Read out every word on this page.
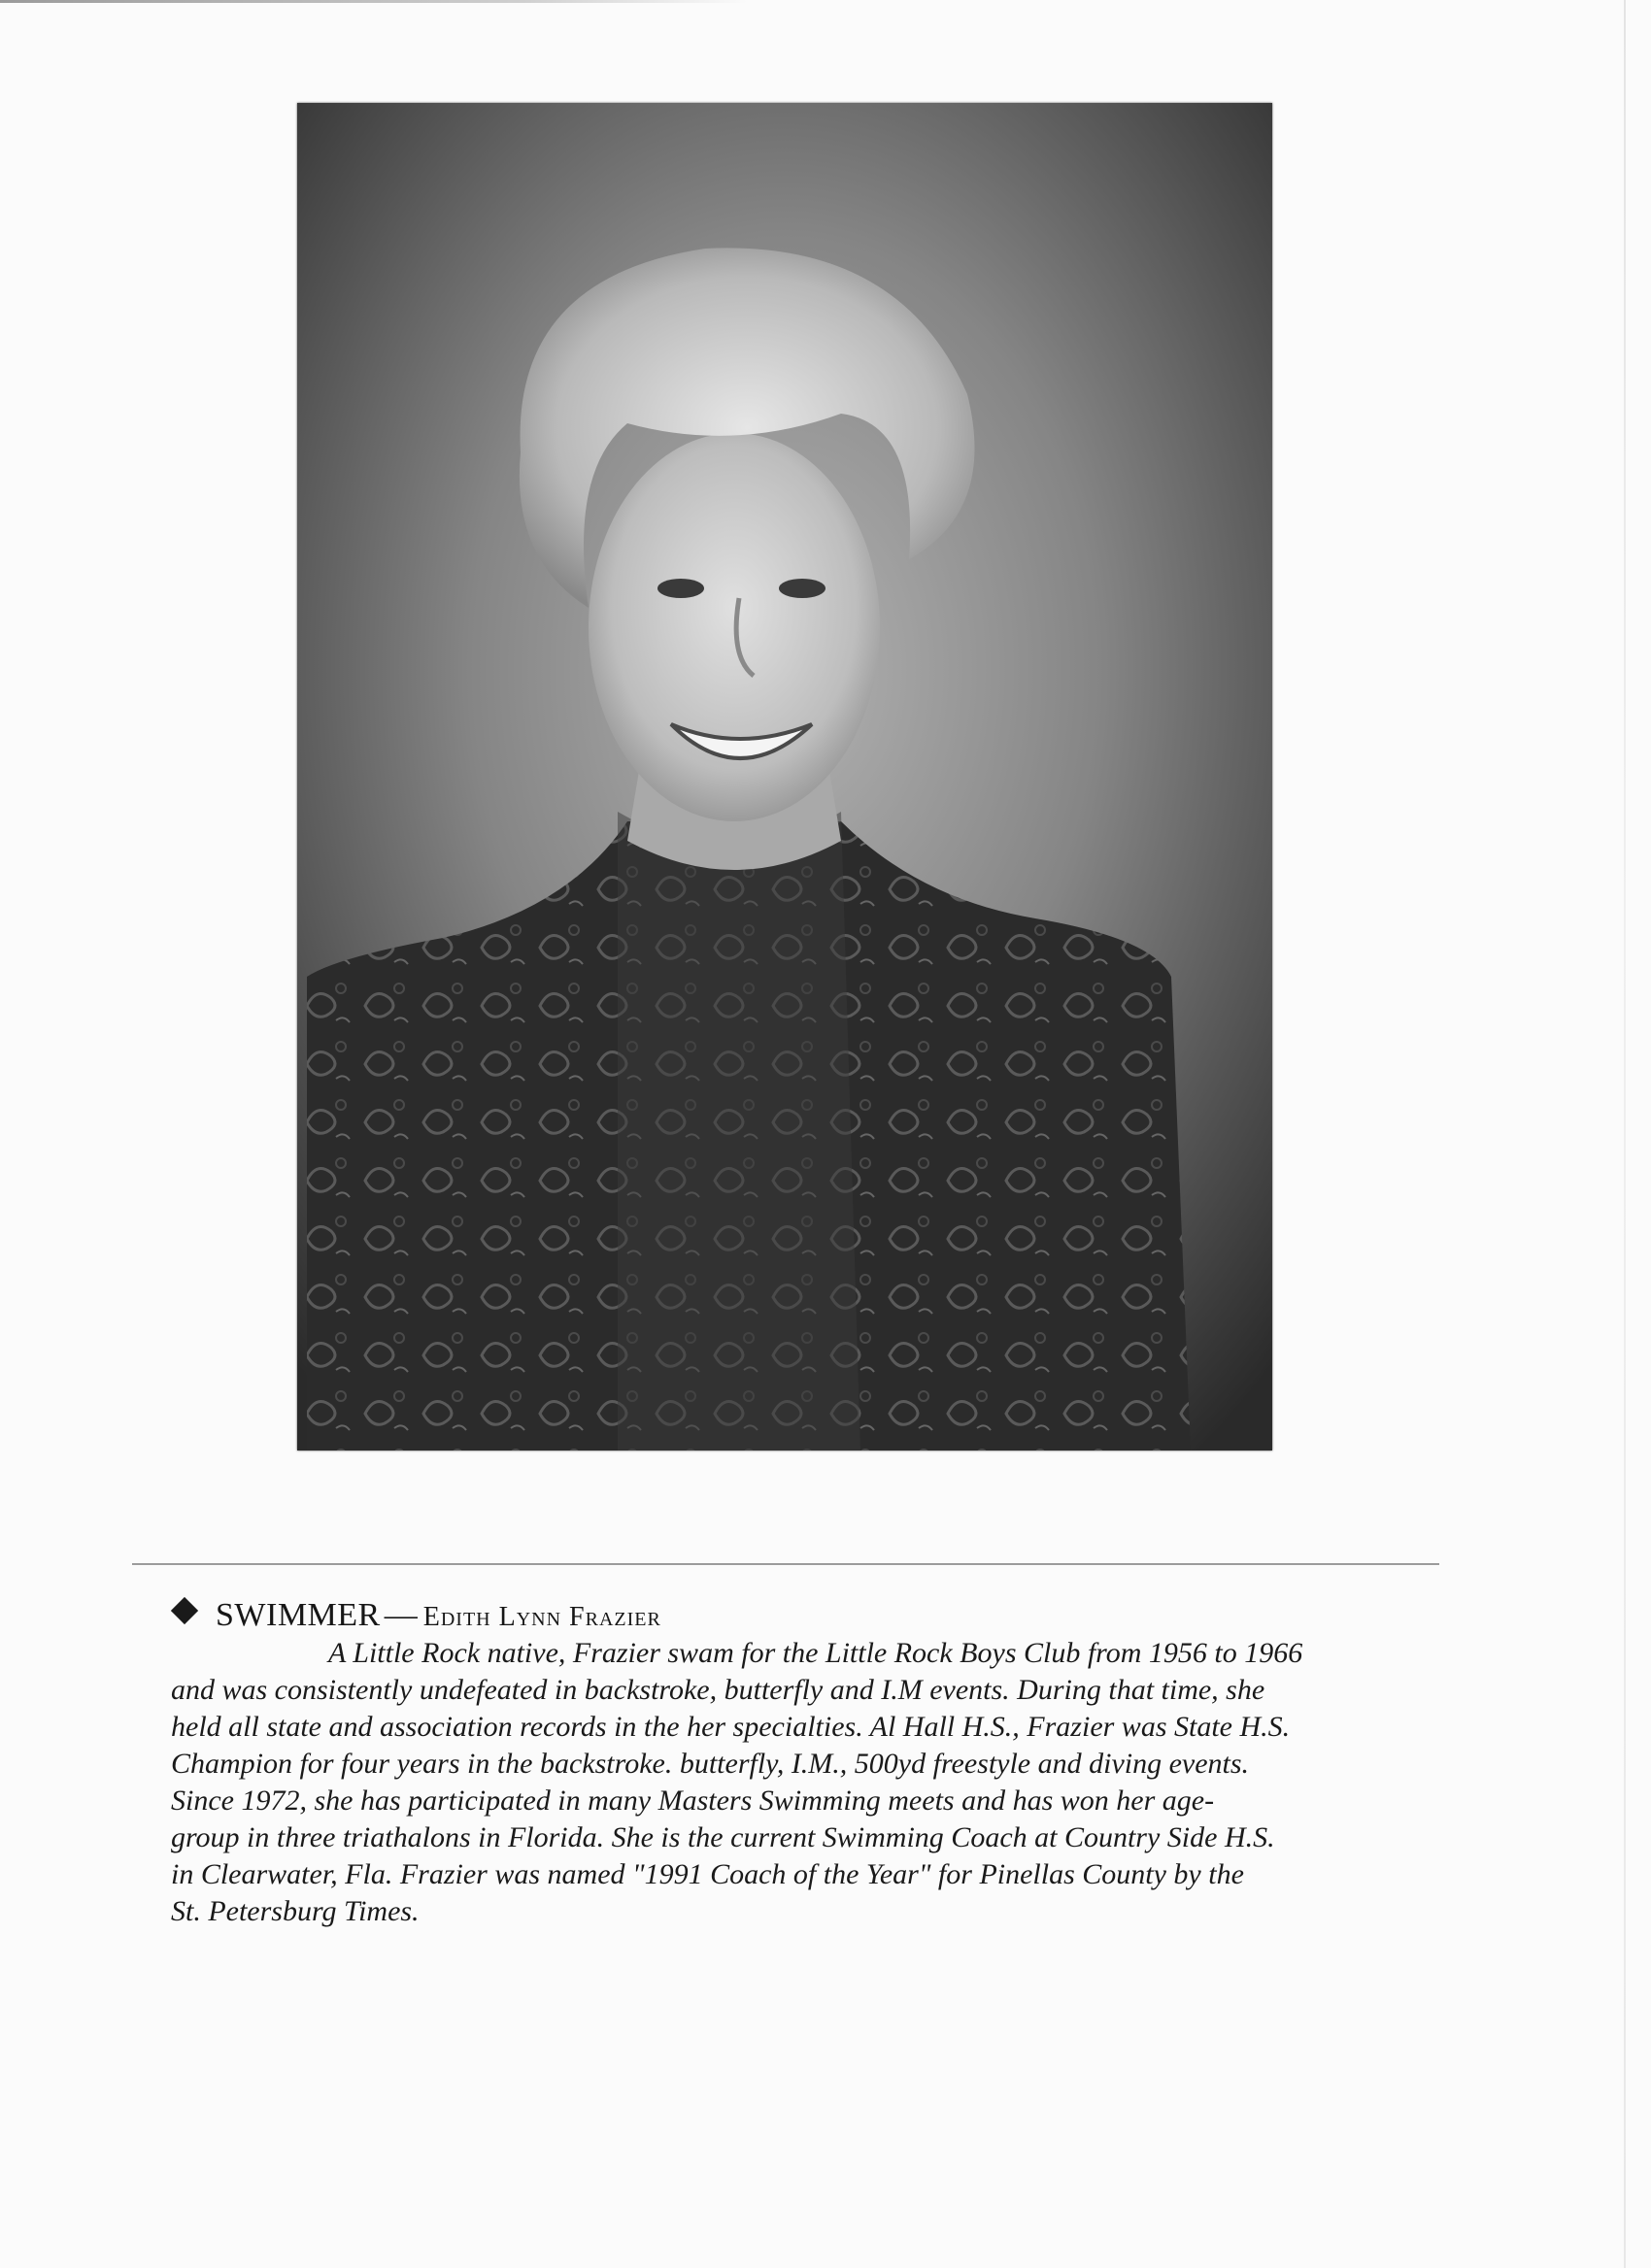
SWIMMER — Edith Lynn Frazier
A Little Rock native, Frazier swam for the Little Rock Boys Club from 1956 to 1966
and was consistently undefeated in backstroke, butterfly and I.M events. During that time, she
held all state and association records in the her specialties. Al Hall H.S., Frazier was State H.S.
Champion for four years in the backstroke. butterfly, I.M., 500yd freestyle and diving events.
Since 1972, she has participated in many Masters Swimming meets and has won her age-
group in three triathalons in Florida. She is the current Swimming Coach at Country Side H.S.
in Clearwater, Fla. Frazier was named "1991 Coach of the Year" for Pinellas County by the
St. Petersburg Times.
